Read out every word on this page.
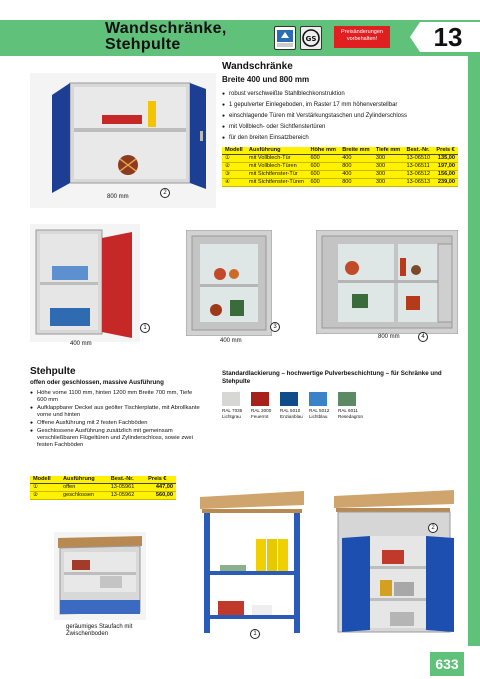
Wandschränke,
Stehpulte	GS
Preisänderungen vorbehalten!	13
800 mm
2
Wandschränke
Breite 400 und 800 mm
● robust verschweißte Stahlblechkonstruktion
● 1 gepulverter Einlegeboden, im Raster 17 mm höhenverstellbar
● einschlagende Türen mit Verstärkungstaschen und Zylinderschloss
● mit Vollblech- oder Sichtfenstertüren
● für den breiten Einsatzbereich
Modell	Ausführung	Höhe mm	Breite mm	Tiefe mm	Best.-Nr.	Preis €
①	mit Vollblech-Tür	600	400	300	13-06510	135,00
②	mit Vollblech-Türen	600	800	300	13-06511	197,00
③	mit Sichtfenster-Tür	600	400	300	13-06512	156,00
④	mit Sichtfenster-Türen	600	800	300	13-06513	239,00
400 mm
1
400 mm
3
800 mm	4
Stehpulte
offen oder geschlossen, massive Ausführung
● Höhe vorne 1100 mm, hinten 1200 mm Breite 700 mm, Tiefe 600 mm
● Aufklappbarer Deckel aus geölter Tischlerplatte, mit Abrollkante vorne und hinten
● Offene Ausführung mit 2 festen Fachböden
● Geschlossene Ausführung zusätzlich mit gemeinsam verschließbaren Flügeltüren und Zylinderschloss, sowie zwei festen Fachböden
Modell	Ausführung	Best.-Nr.	Preis €
①	offen	13-05961	447,00
②	geschlossen	13-05962	560,00
Standardlackierung – hochwertige Pulverbeschichtung – für Schränke und Stehpulte
RAL 7035
Lichtgrau
RAL 3000
Feuerrot
RAL 5010
Enzianblau
RAL 5012
Lichtblau
RAL 6011
Resedagrün
geräumiges Staufach mit Zwischenboden	1
2
633
